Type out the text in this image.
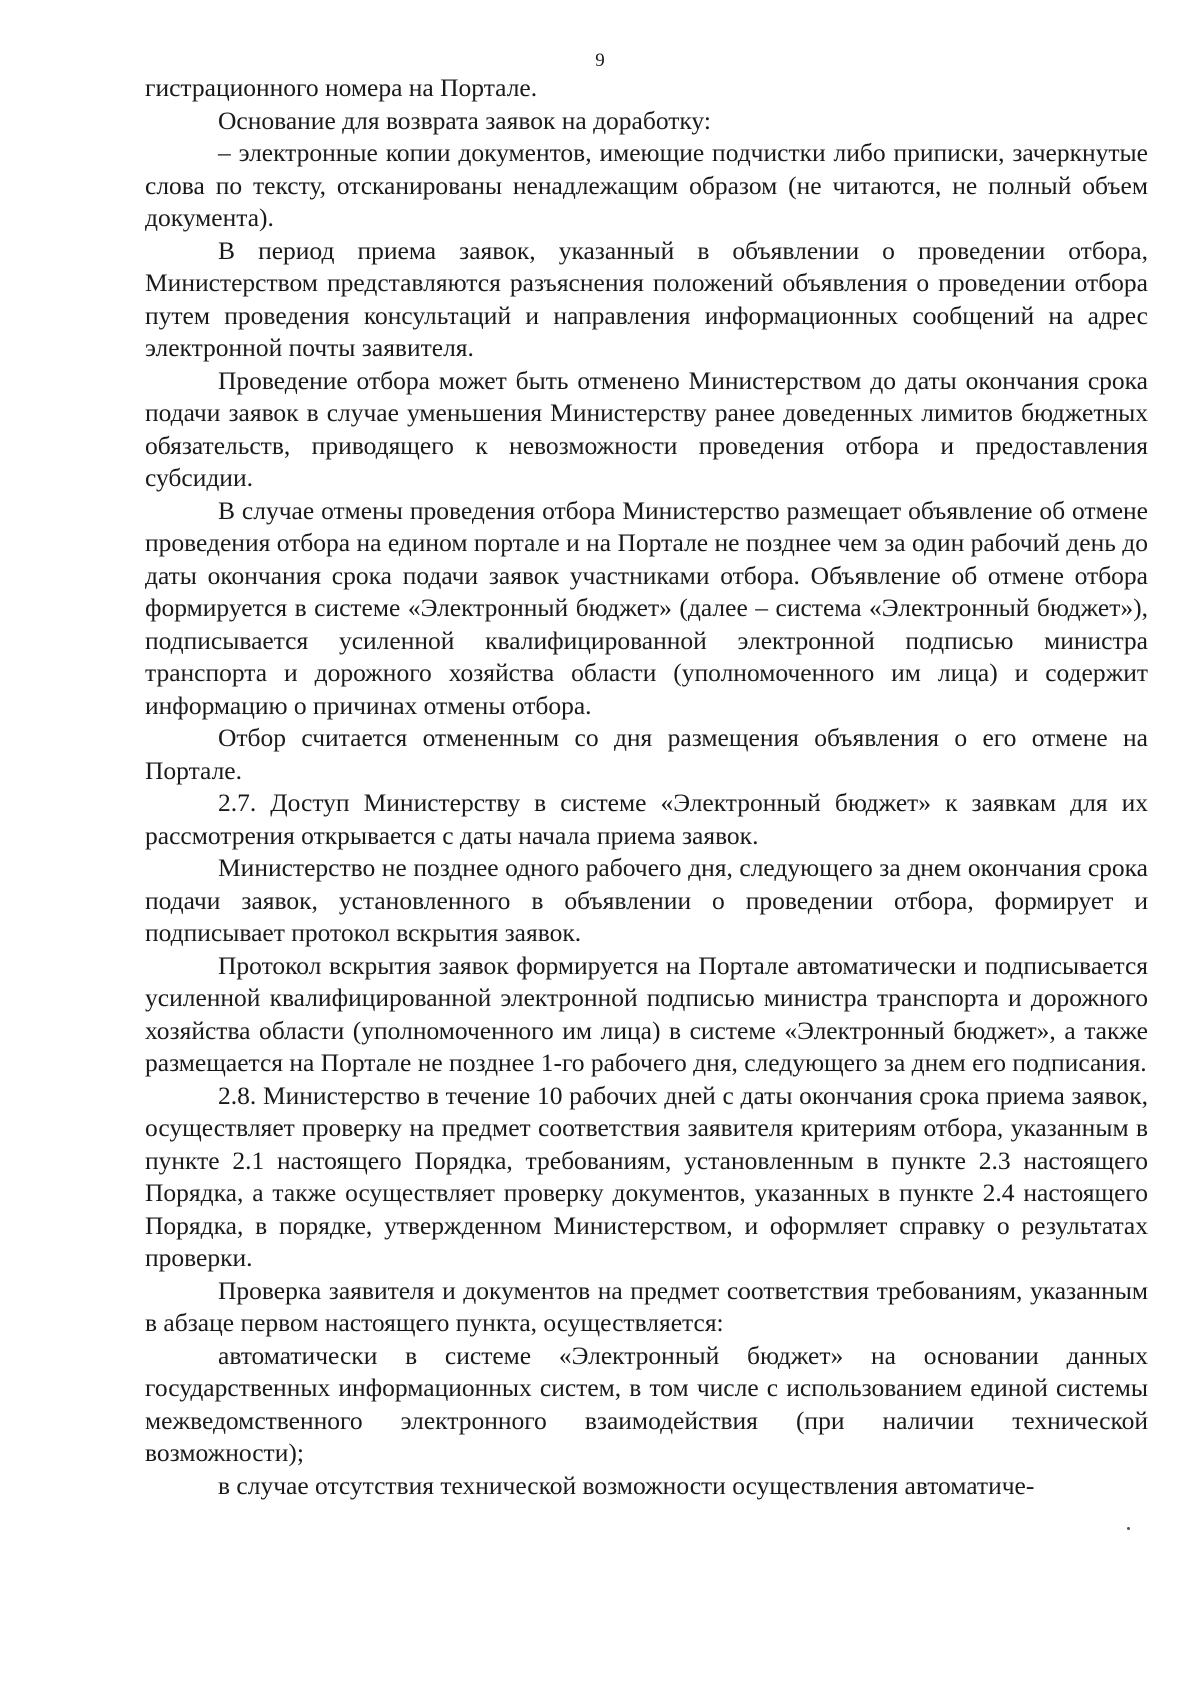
9

гистрационного номера на Портале.

Основание для возврата заявок на доработку:

– электронные копии документов, имеющие подчистки либо приписки, зачеркнутые слова по тексту, отсканированы ненадлежащим образом (не читаются, не полный объем документа).

В период приема заявок, указанный в объявлении о проведении отбора, Министерством представляются разъяснения положений объявления о проведении отбора путем проведения консультаций и направления информационных сообщений на адрес электронной почты заявителя.

Проведение отбора может быть отменено Министерством до даты окончания срока подачи заявок в случае уменьшения Министерству ранее доведенных лимитов бюджетных обязательств, приводящего к невозможности проведения отбора и предоставления субсидии.

В случае отмены проведения отбора Министерство размещает объявление об отмене проведения отбора на едином портале и на Портале не позднее чем за один рабочий день до даты окончания срока подачи заявок участниками отбора. Объявление об отмене отбора формируется в системе «Электронный бюджет» (далее – система «Электронный бюджет»), подписывается усиленной квалифицированной электронной подписью министра транспорта и дорожного хозяйства области (уполномоченного им лица) и содержит информацию о причинах отмены отбора.

Отбор считается отмененным со дня размещения объявления о его отмене на Портале.

2.7. Доступ Министерству в системе «Электронный бюджет» к заявкам для их рассмотрения открывается с даты начала приема заявок.

Министерство не позднее одного рабочего дня, следующего за днем окончания срока подачи заявок, установленного в объявлении о проведении отбора, формирует и подписывает протокол вскрытия заявок.

Протокол вскрытия заявок формируется на Портале автоматически и подписывается усиленной квалифицированной электронной подписью министра транспорта и дорожного хозяйства области (уполномоченного им лица) в системе «Электронный бюджет», а также размещается на Портале не позднее 1-го рабочего дня, следующего за днем его подписания.

2.8. Министерство в течение 10 рабочих дней с даты окончания срока приема заявок, осуществляет проверку на предмет соответствия заявителя критериям отбора, указанным в пункте 2.1 настоящего Порядка, требованиям, установленным в пункте 2.3 настоящего Порядка, а также осуществляет проверку документов, указанных в пункте 2.4 настоящего Порядка, в порядке, утвержденном Министерством, и оформляет справку о результатах проверки.

Проверка заявителя и документов на предмет соответствия требованиям, указанным в абзаце первом настоящего пункта, осуществляется:

автоматически в системе «Электронный бюджет» на основании данных государственных информационных систем, в том числе с использованием единой системы межведомственного электронного взаимодействия (при наличии технической возможности);

в случае отсутствия технической возможности осуществления автоматиче-
